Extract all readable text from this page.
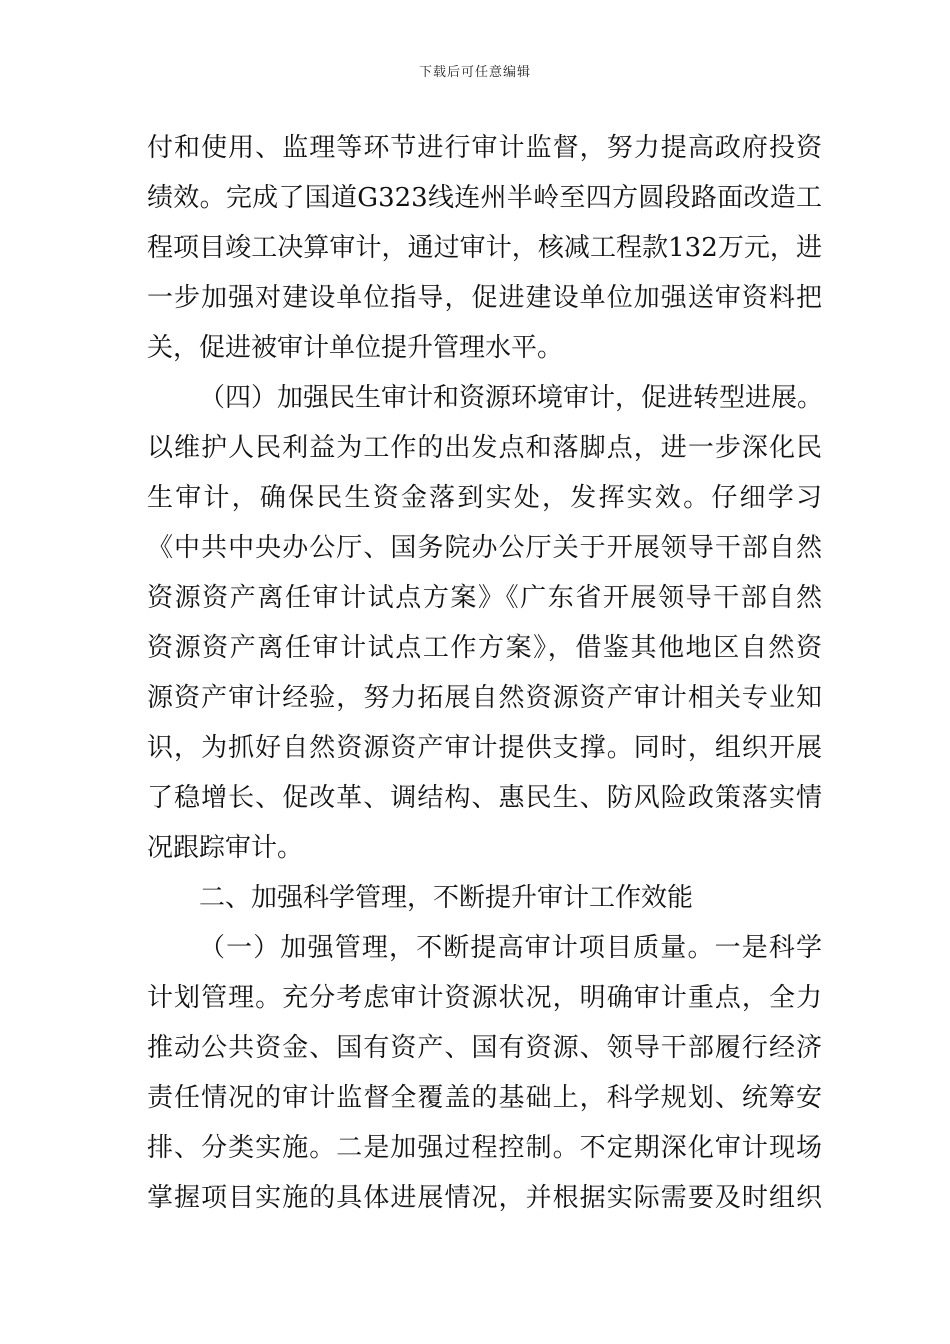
下载后可任意编辑
付和使用、监理等环节进行审计监督，努力提高政府投资
绩效。完成了国道G323线连州半岭至四方圆段路面改造工
程项目竣工决算审计，通过审计，核减工程款132万元，进
一步加强对建设单位指导，促进建设单位加强送审资料把
关，促进被审计单位提升管理水平。
（四）加强民生审计和资源环境审计，促进转型进展。
以维护人民利益为工作的出发点和落脚点，进一步深化民
生审计，确保民生资金落到实处，发挥实效。仔细学习
《中共中央办公厅、国务院办公厅关于开展领导干部自然
资源资产离任审计试点方案》《广东省开展领导干部自然
资源资产离任审计试点工作方案》，借鉴其他地区自然资
源资产审计经验，努力拓展自然资源资产审计相关专业知
识，为抓好自然资源资产审计提供支撑。同时，组织开展
了稳增长、促改革、调结构、惠民生、防风险政策落实情
况跟踪审计。
二、加强科学管理，不断提升审计工作效能
（一）加强管理，不断提高审计项目质量。一是科学
计划管理。充分考虑审计资源状况，明确审计重点，全力
推动公共资金、国有资产、国有资源、领导干部履行经济
责任情况的审计监督全覆盖的基础上，科学规划、统筹安
排、分类实施。二是加强过程控制。不定期深化审计现场
掌握项目实施的具体进展情况，并根据实际需要及时组织
